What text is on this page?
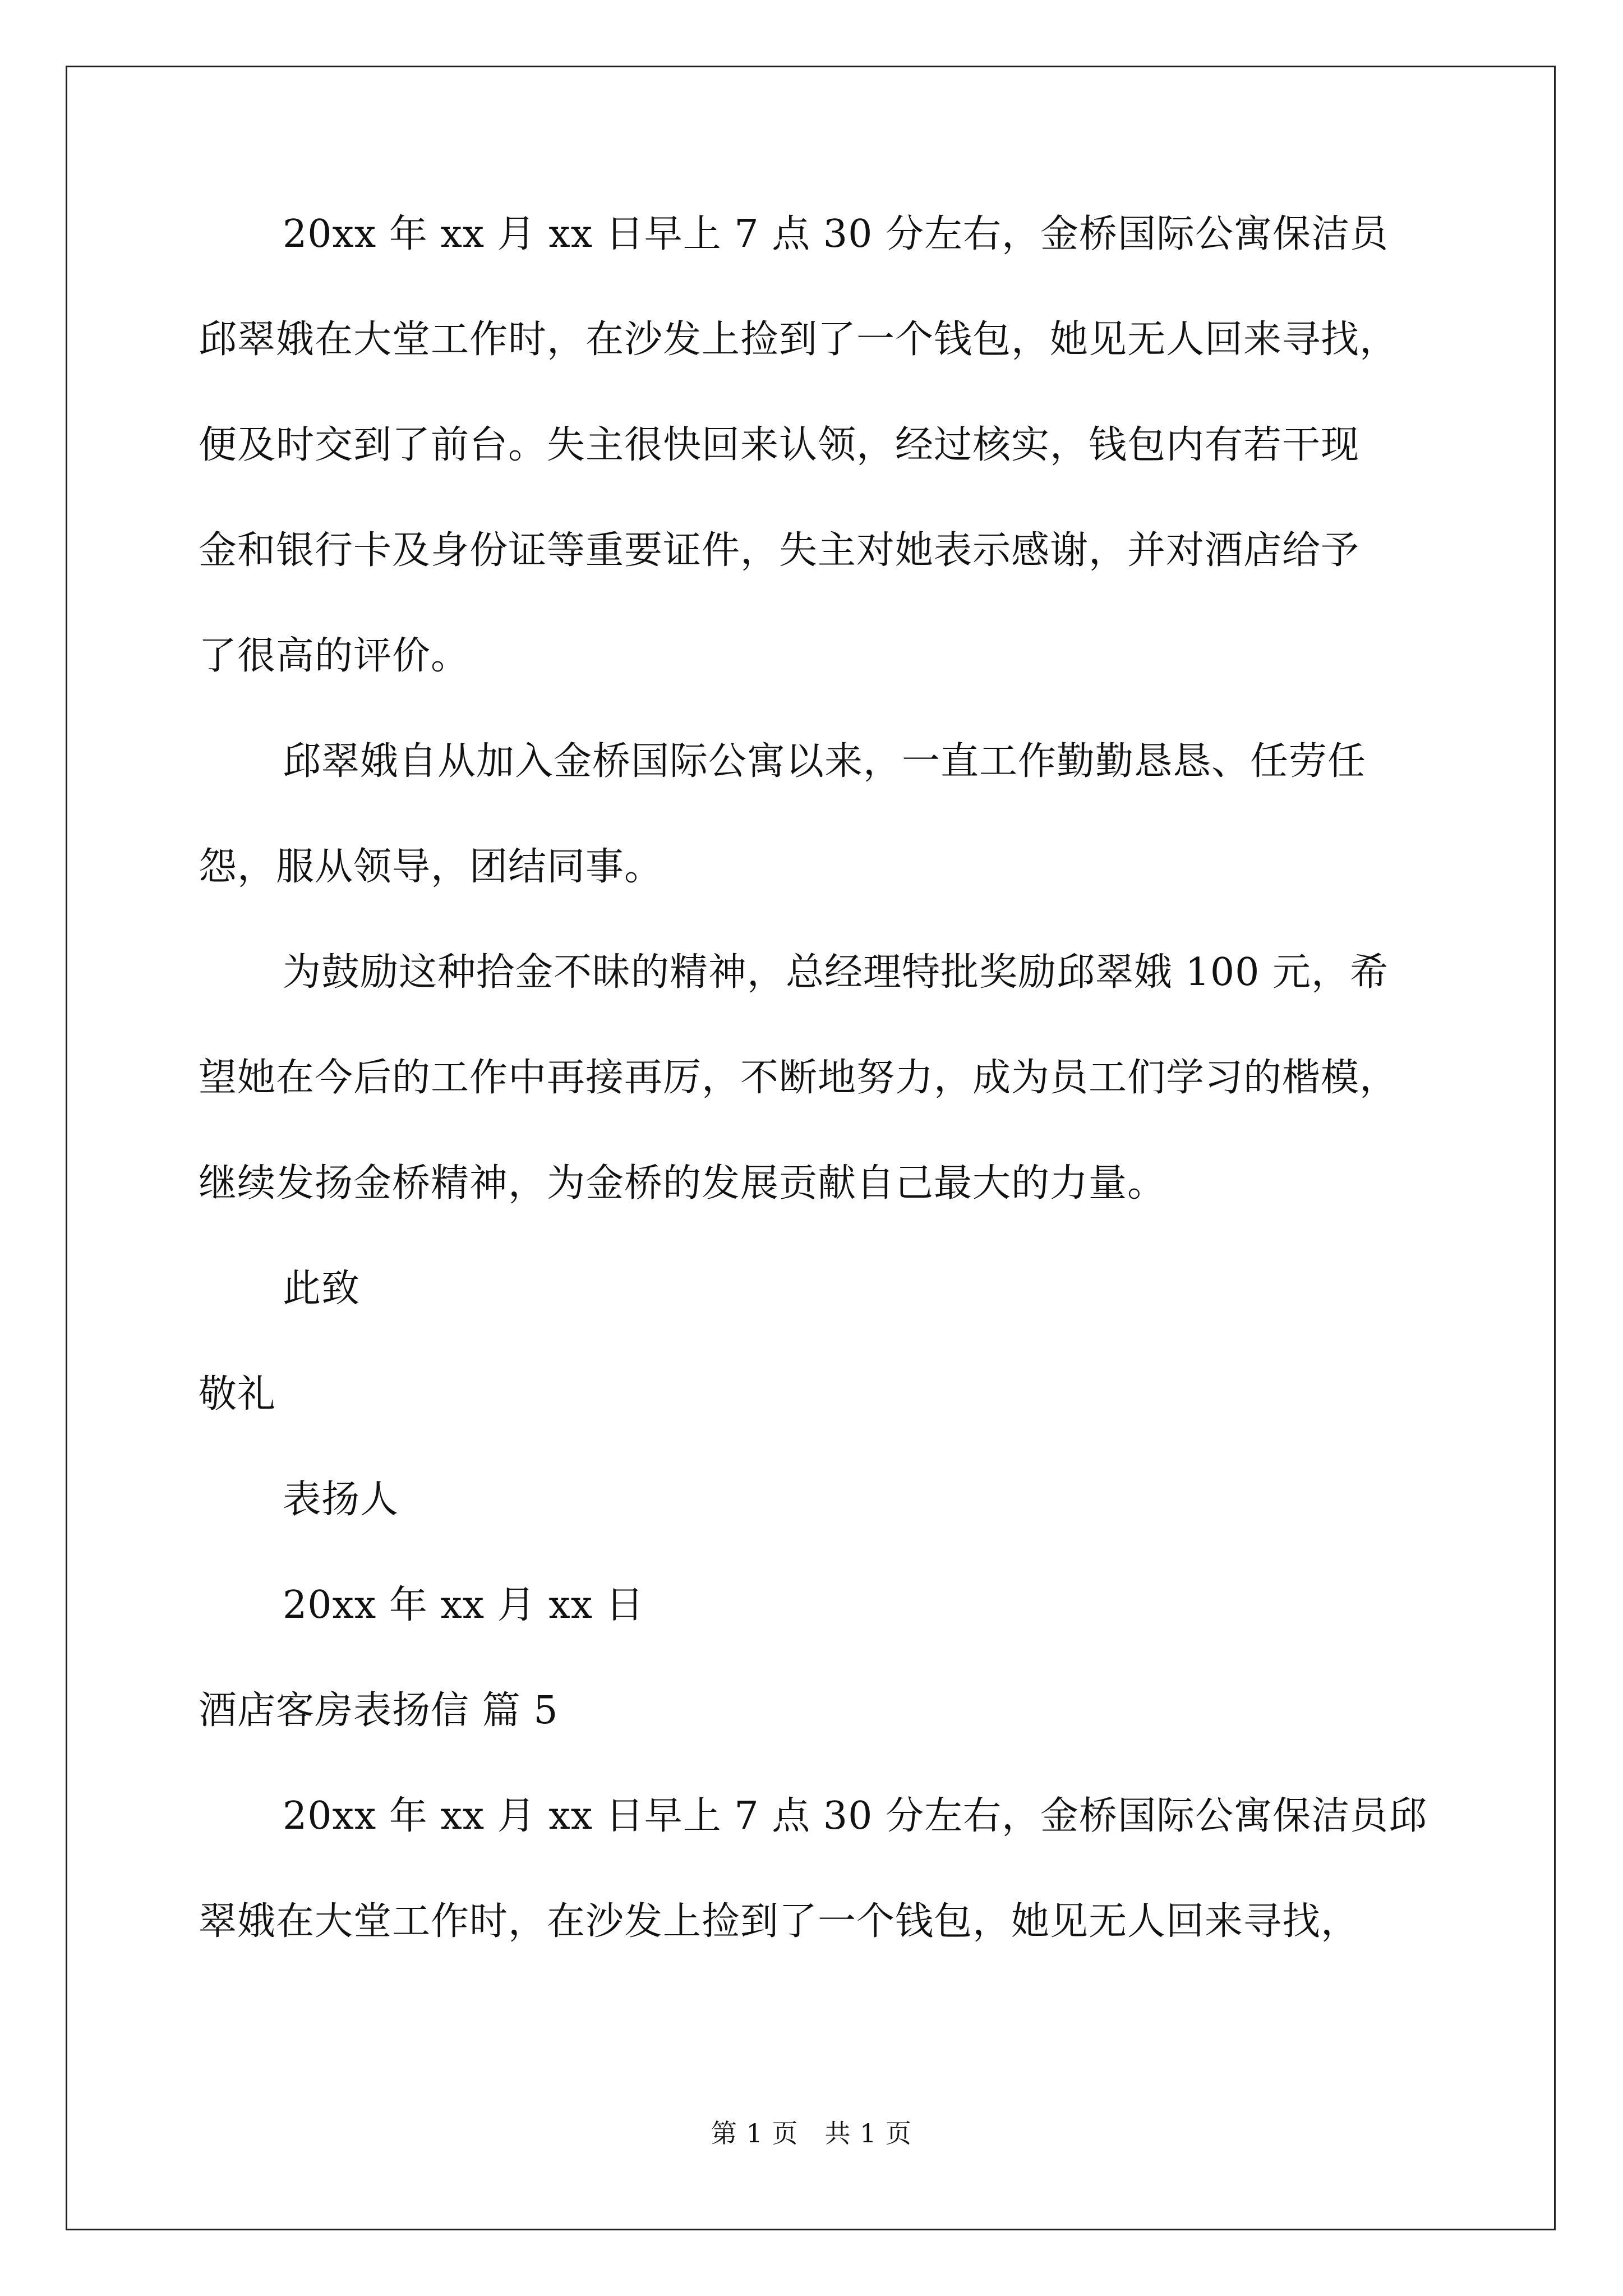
20xx 年 xx 月 xx 日早上 7 点 30 分左右，金桥国际公寓保洁员
邱翠娥在大堂工作时，在沙发上捡到了一个钱包，她见无人回来寻找，
便及时交到了前台。失主很快回来认领，经过核实，钱包内有若干现
金和银行卡及身份证等重要证件，失主对她表示感谢，并对酒店给予
了很高的评价。
邱翠娥自从加入金桥国际公寓以来，一直工作勤勤恳恳、任劳任
怨，服从领导，团结同事。
为鼓励这种拾金不昧的精神，总经理特批奖励邱翠娥 100 元，希
望她在今后的工作中再接再厉，不断地努力，成为员工们学习的楷模，
继续发扬金桥精神，为金桥的发展贡献自己最大的力量。
此致
敬礼
表扬人
20xx 年 xx 月 xx 日
酒店客房表扬信 篇 5
20xx 年 xx 月 xx 日早上 7 点 30 分左右，金桥国际公寓保洁员邱
翠娥在大堂工作时，在沙发上捡到了一个钱包，她见无人回来寻找，
第 1 页　共 1 页
